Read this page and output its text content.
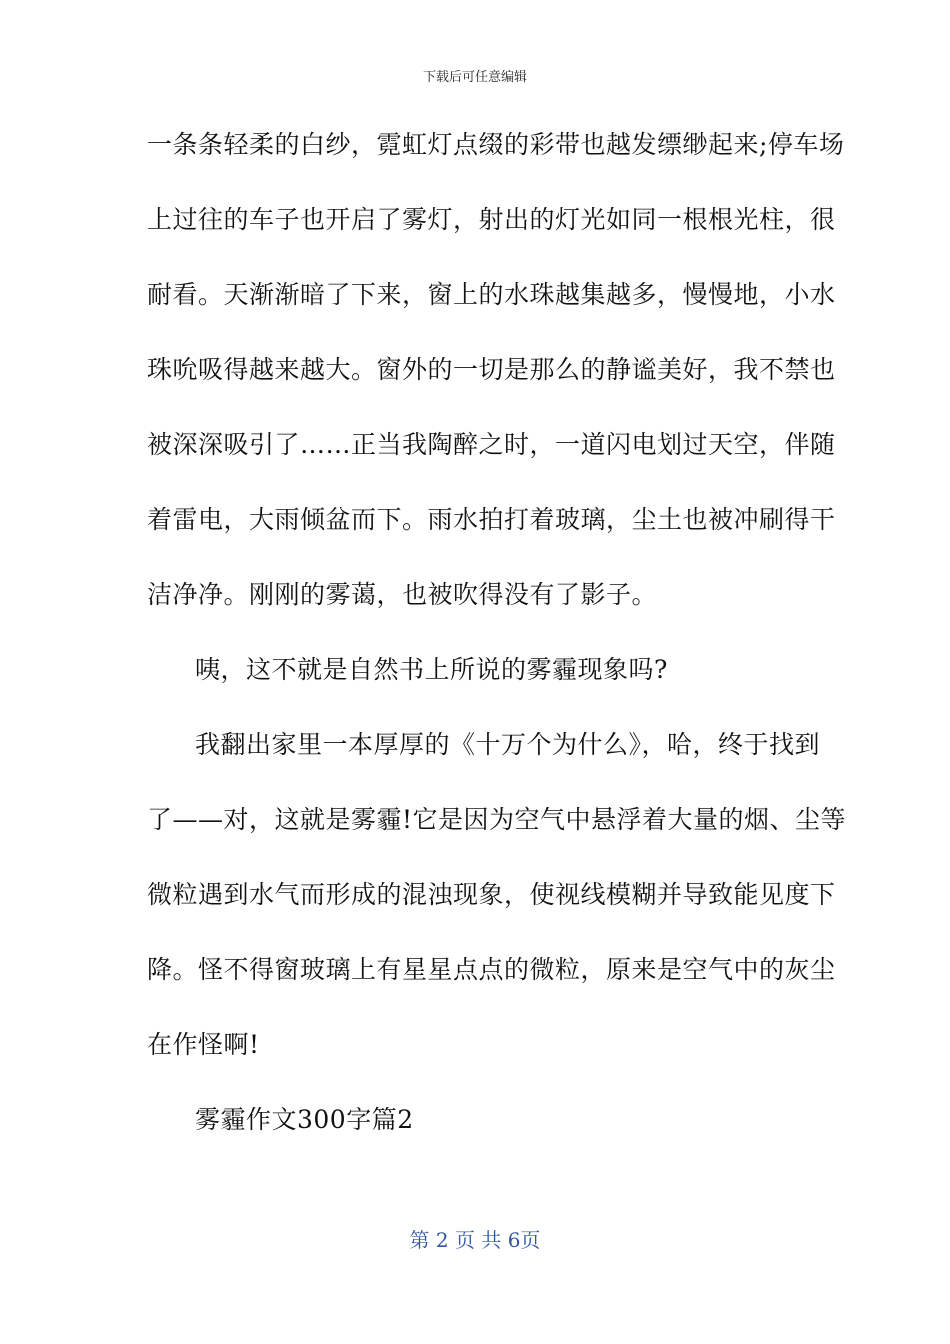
下载后可任意编辑
一条条轻柔的白纱，霓虹灯点缀的彩带也越发缥缈起来;停车场
上过往的车子也开启了雾灯，射出的灯光如同一根根光柱，很
耐看。天渐渐暗了下来，窗上的水珠越集越多，慢慢地，小水
珠吮吸得越来越大。窗外的一切是那么的静谧美好，我不禁也
被深深吸引了……正当我陶醉之时，一道闪电划过天空，伴随
着雷电，大雨倾盆而下。雨水拍打着玻璃，尘土也被冲刷得干
洁净净。刚刚的雾蔼，也被吹得没有了影子。
咦，这不就是自然书上所说的雾霾现象吗?
我翻出家里一本厚厚的《十万个为什么》，哈，终于找到
了——对，这就是雾霾!它是因为空气中悬浮着大量的烟、尘等
微粒遇到水气而形成的混浊现象，使视线模糊并导致能见度下
降。怪不得窗玻璃上有星星点点的微粒，原来是空气中的灰尘
在作怪啊!
雾霾作文300字篇2
第 2 页 共 6页
